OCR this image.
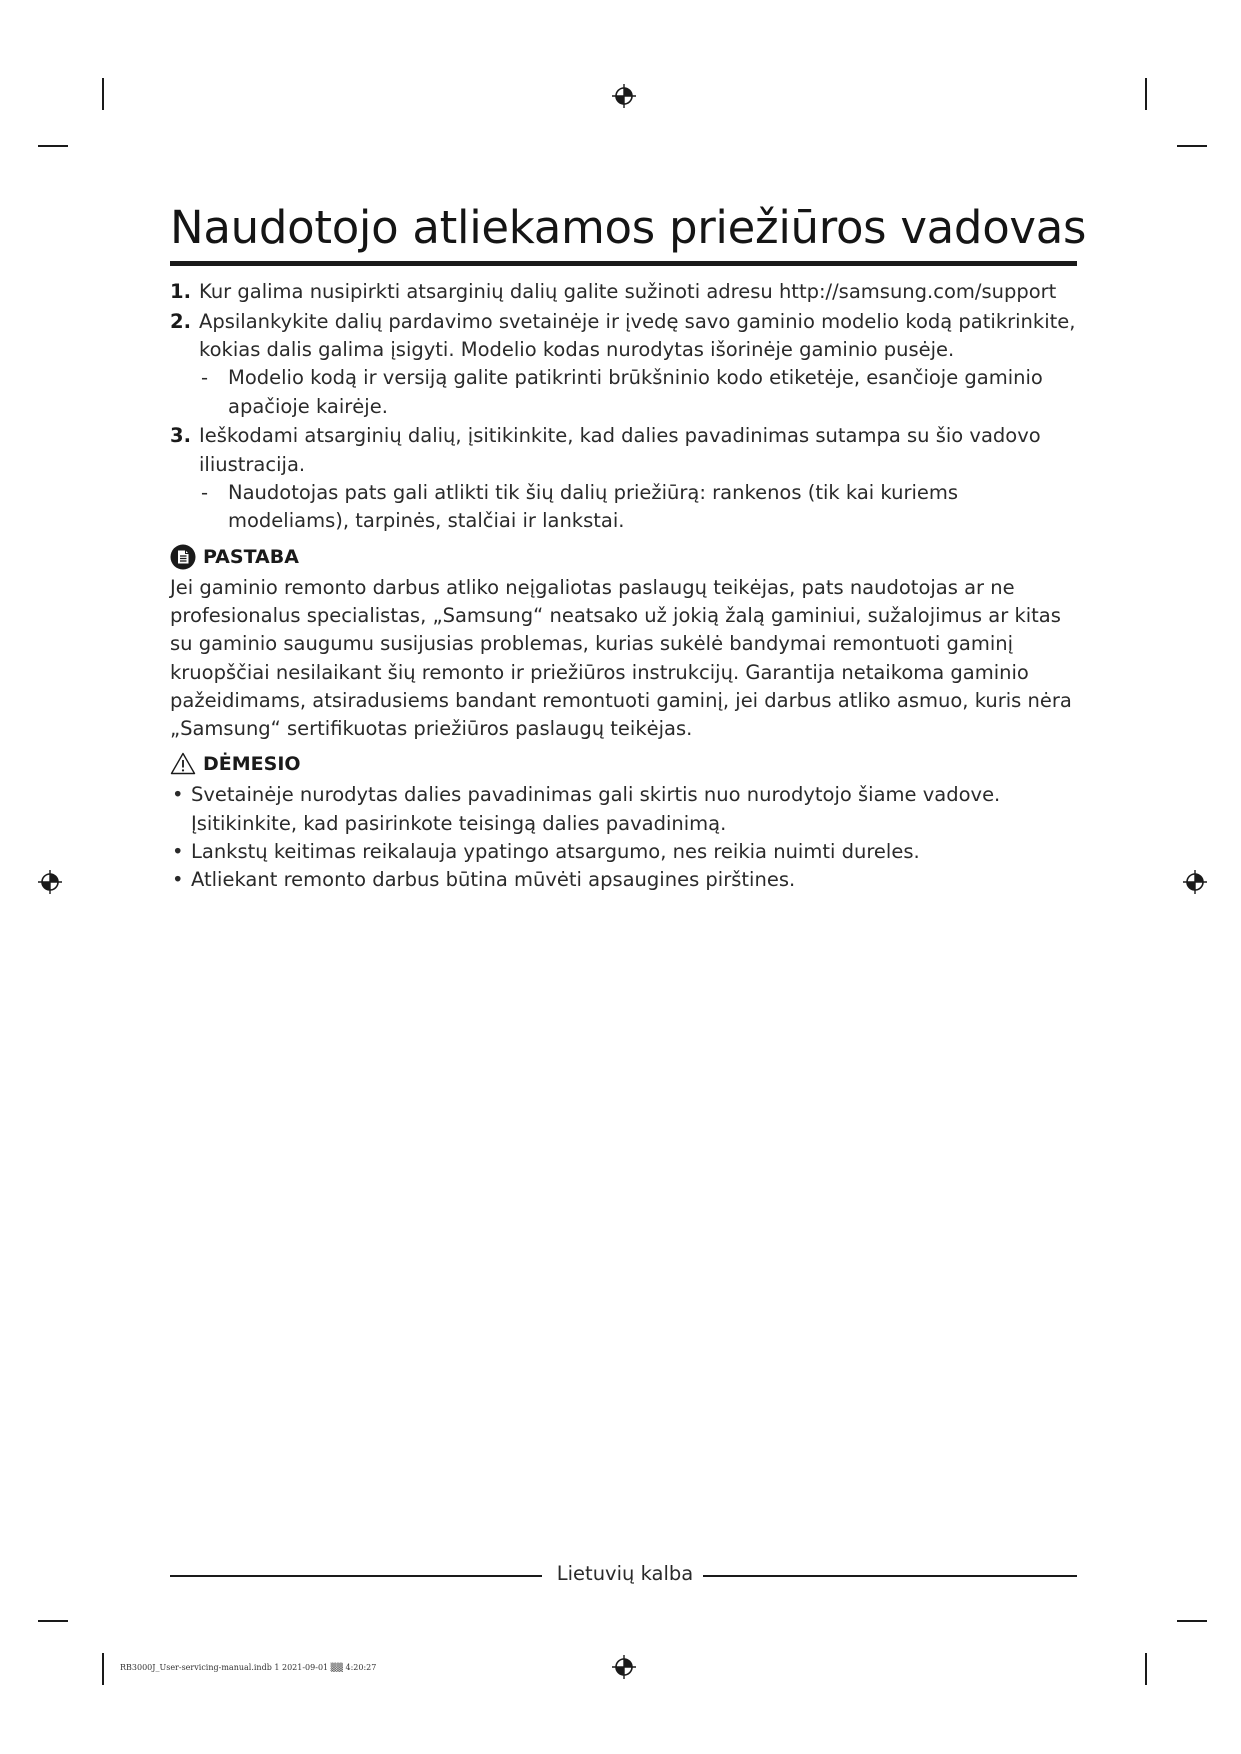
Naudotojo atliekamos priežiūros vadovas
1. Kur galima nusipirkti atsarginių dalių galite sužinoti adresu http://samsung.com/support
2. Apsilankykite dalių pardavimo svetainėje ir įvedę savo gaminio modelio kodą patikrinkite, kokias dalis galima įsigyti. Modelio kodas nurodytas išorinėje gaminio pusėje.
- Modelio kodą ir versiją galite patikrinti brūkšninio kodo etiketėje, esančioje gaminio apačioje kairėje.
3. Ieškodami atsarginių dalių, įsitikinkite, kad dalies pavadinimas sutampa su šio vadovo iliustracija.
- Naudotojas pats gali atlikti tik šių dalių priežiūrą: rankenos (tik kai kuriems modeliams), tarpinės, stalčiai ir lankstai.
PASTABA

Jei gaminio remonto darbus atliko neįgaliotas paslaugų teikėjas, pats naudotojas ar ne profesionalus specialistas, „Samsung“ neatsako už jokią žalą gaminiui, sužalojimus ar kitas su gaminio saugumu susijusias problemas, kurias sukėlė bandymai remontuoti gaminį kruopščiai nesilaikant šių remonto ir priežiūros instrukcijų. Garantija netaikoma gaminio pažeidimams, atsiradusiems bandant remontuoti gaminį, jei darbus atliko asmuo, kuris nėra „Samsung“ sertifikuotas priežiūros paslaugų teikėjas.

DĖMESIO
• Svetainėje nurodytas dalies pavadinimas gali skirtis nuo nurodytojo šiame vadove. Įsitikinkite, kad pasirinkote teisingą dalies pavadinimą.
• Lankstų keitimas reikalauja ypatingo atsargumo, nes reikia nuimti dureles.
• Atliekant remonto darbus būtina mūvėti apsaugines pirštines.
Lietuvių kalba
RB3000J_User-servicing-manual.indb 1 2021-09-01 ▒▒ 4:20:27
